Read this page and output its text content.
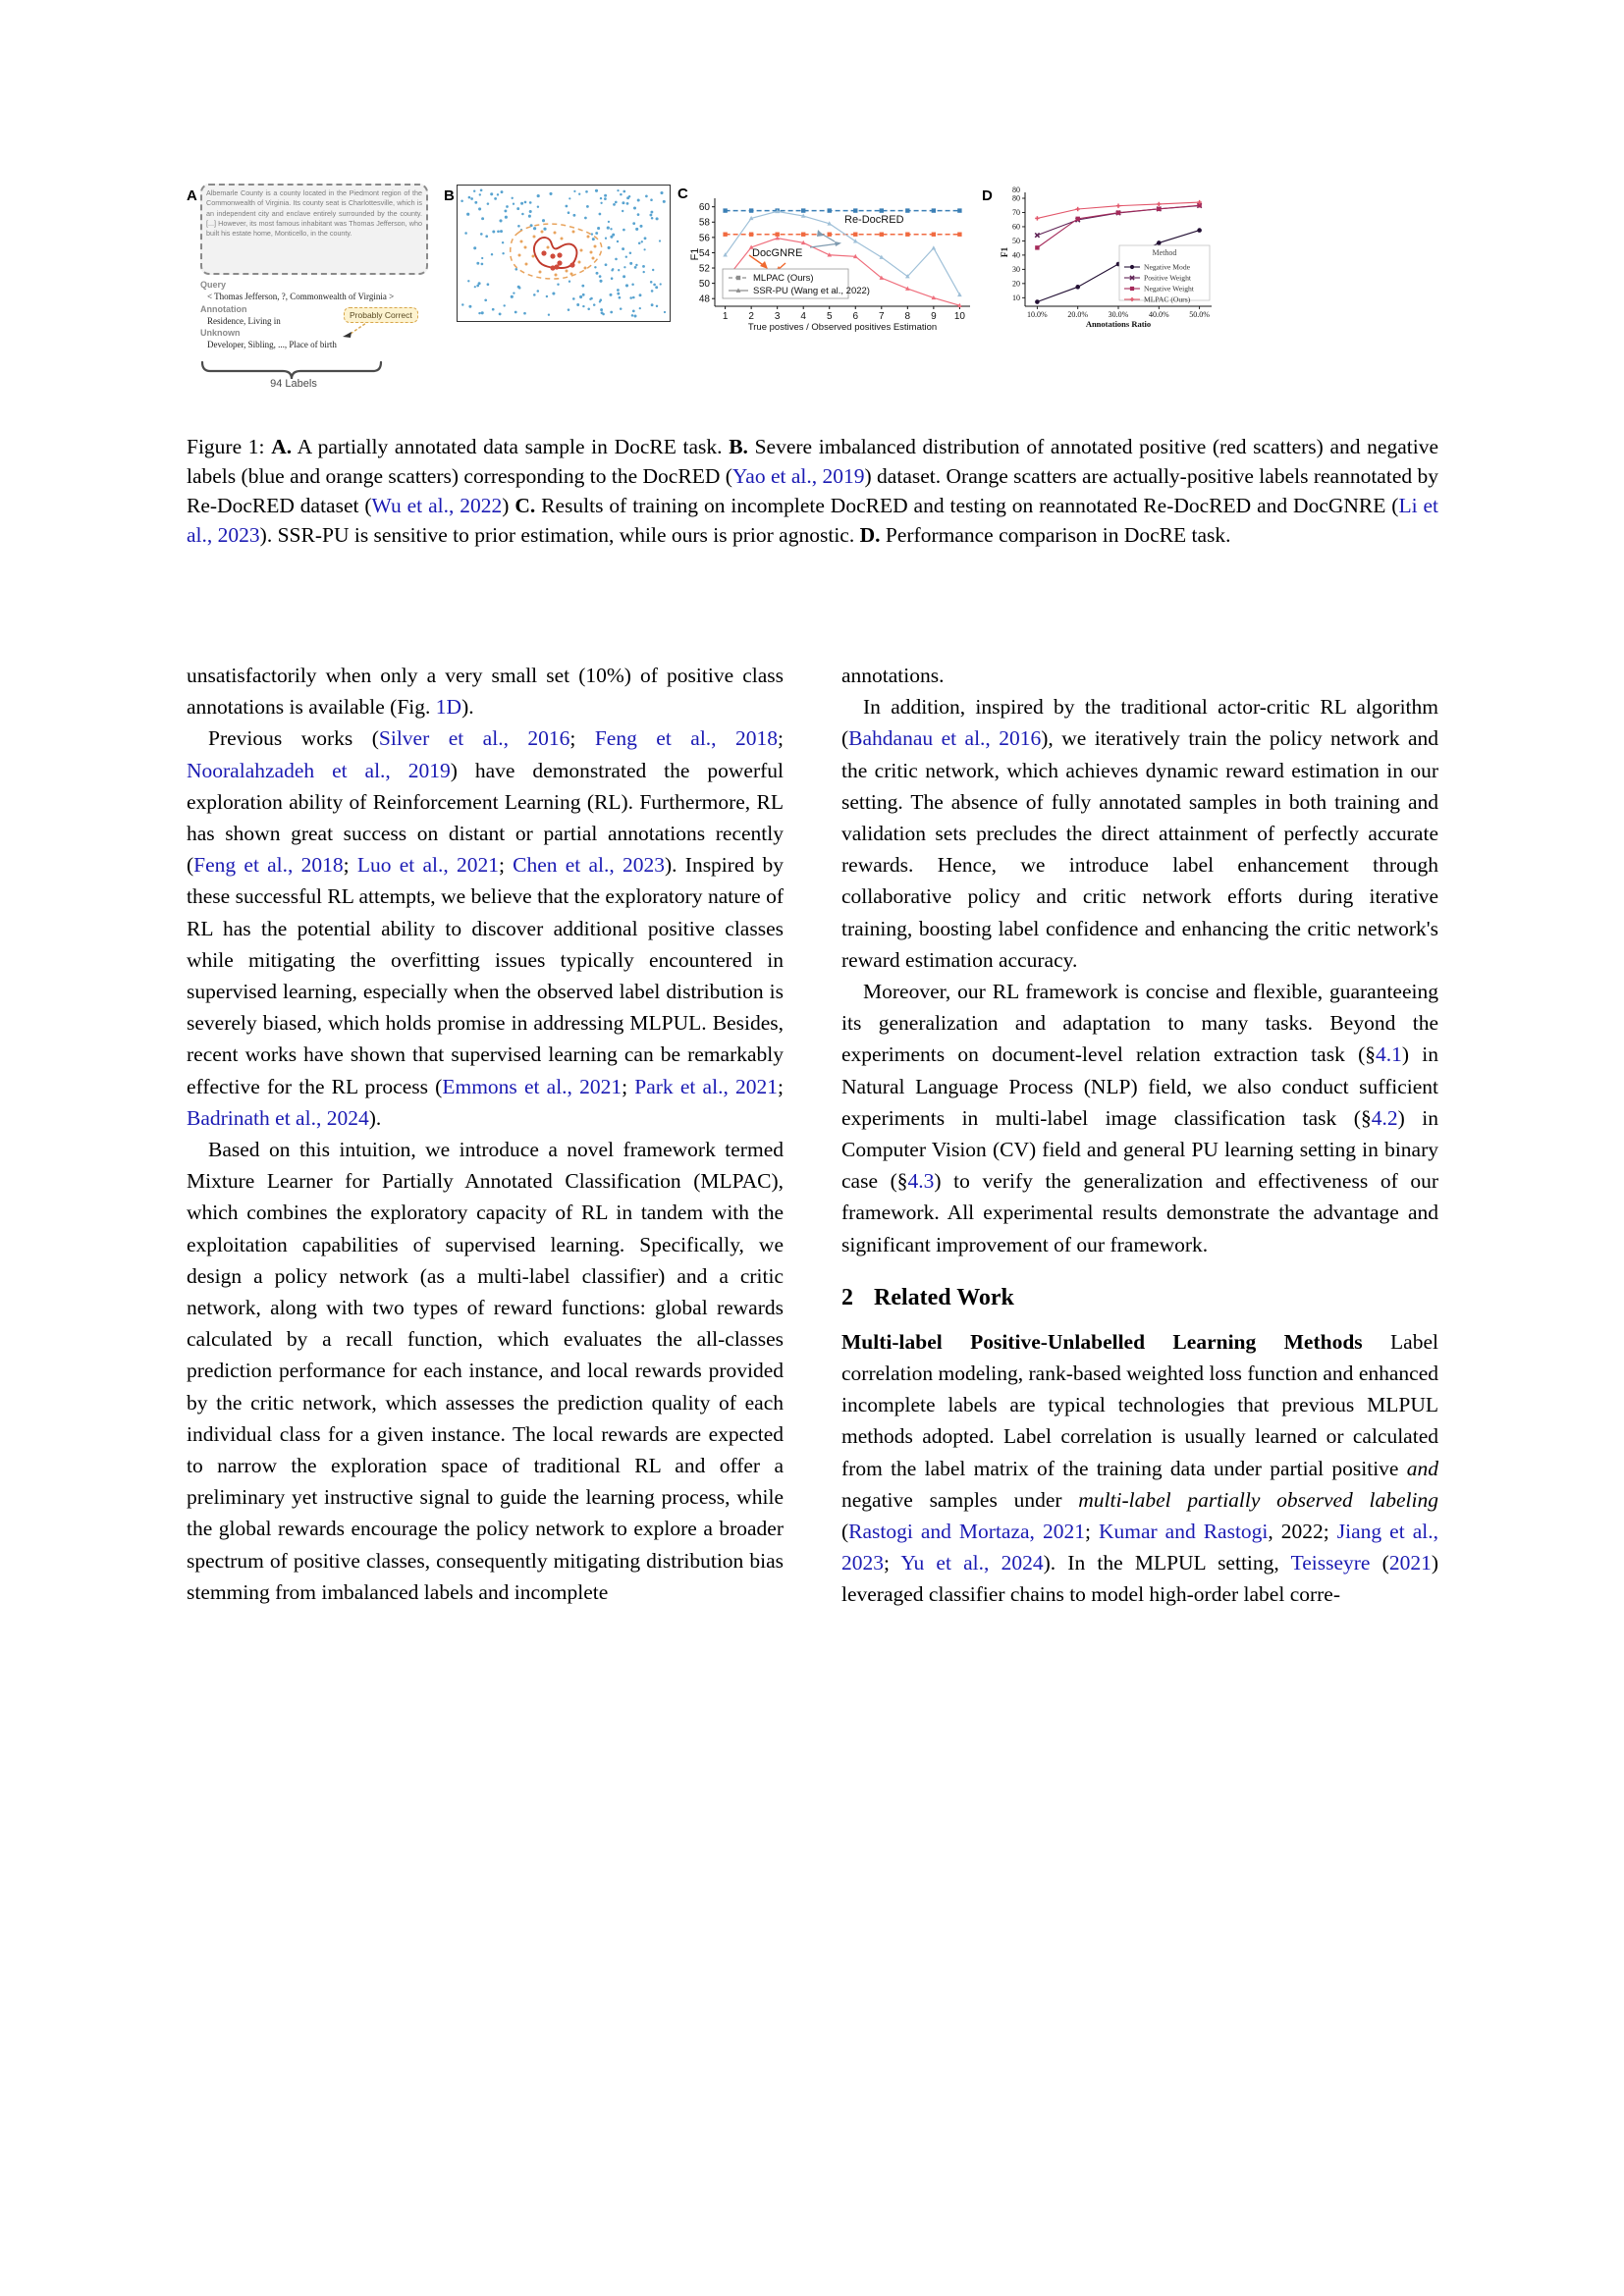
A Albemarle County is a county located in the Piedmont region of the Commonwealth of Virginia. Its county seat is Charlottesville, which is an independent city and enclave entirely surrounded by the county. [...] However, its most famous inhabitant was Thomas Jefferson, who built his estate home, Monticello, in the county.
Query
< Thomas Jefferson, ?, Commonwealth of Virginia >
Annotation
Residence, Living in
Unknown
Developer, Sibling, ..., Place of birth
Probably Correct
94 Labels
B	C
48
50
52
54
56
58
60
1 2 3 4 5 6 7 8 9 10
True postives / Observed positives Estimation
F1
Re-DocRED
DocGNRE
MLPAC (Ours)
SSR-PU (Wang et al., 2022)
D
10
20
30
40
50
60
70
80
80
10.0%	20.0%	30.0%	40.0%	50.0%
Annotations Ratio
F1	Method
Negative Mode
Positive Weight
Negative Weight
MLPAC (Ours)
Figure 1: A. A partially annotated data sample in DocRE task. B. Severe imbalanced distribution of annotated positive (red scatters) and negative labels (blue and orange scatters) corresponding to the DocRED (Yao et al., 2019) dataset. Orange scatters are actually-positive labels reannotated by Re-DocRED dataset (Wu et al., 2022) C. Results of training on incomplete DocRED and testing on reannotated Re-DocRED and DocGNRE (Li et al., 2023). SSR-PU is sensitive to prior estimation, while ours is prior agnostic. D. Performance comparison in DocRE task.

unsatisfactorily when only a very small set (10%) of positive class annotations is available (Fig. 1D).

Previous works (Silver et al., 2016; Feng et al., 2018; Nooralahzadeh et al., 2019) have demonstrated the powerful exploration ability of Reinforcement Learning (RL). Furthermore, RL has shown great success on distant or partial annotations recently (Feng et al., 2018; Luo et al., 2021; Chen et al., 2023). Inspired by these successful RL attempts, we believe that the exploratory nature of RL has the potential ability to discover additional positive classes while mitigating the overfitting issues typically encountered in supervised learning, especially when the observed label distribution is severely biased, which holds promise in addressing MLPUL. Besides, recent works have shown that supervised learning can be remarkably effective for the RL process (Emmons et al., 2021; Park et al., 2021; Badrinath et al., 2024).

Based on this intuition, we introduce a novel framework termed Mixture Learner for Partially Annotated Classification (MLPAC), which combines the exploratory capacity of RL in tandem with the exploitation capabilities of supervised learning. Specifically, we design a policy network (as a multi-label classifier) and a critic network, along with two types of reward functions: global rewards calculated by a recall function, which evaluates the all-classes prediction performance for each instance, and local rewards provided by the critic network, which assesses the prediction quality of each individual class for a given instance. The local rewards are expected to narrow the exploration space of traditional RL and offer a preliminary yet instructive signal to guide the learning process, while the global rewards encourage the policy network to explore a broader spectrum of positive classes, consequently mitigating distribution bias stemming from imbalanced labels and incomplete

annotations.

In addition, inspired by the traditional actor-critic RL algorithm (Bahdanau et al., 2016), we iteratively train the policy network and the critic network, which achieves dynamic reward estimation in our setting. The absence of fully annotated samples in both training and validation sets precludes the direct attainment of perfectly accurate rewards. Hence, we introduce label enhancement through collaborative policy and critic network efforts during iterative training, boosting label confidence and enhancing the critic network's reward estimation accuracy.

Moreover, our RL framework is concise and flexible, guaranteeing its generalization and adaptation to many tasks. Beyond the experiments on document-level relation extraction task (§4.1) in Natural Language Process (NLP) field, we also conduct sufficient experiments in multi-label image classification task (§4.2) in Computer Vision (CV) field and general PU learning setting in binary case (§4.3) to verify the generalization and effectiveness of our framework. All experimental results demonstrate the advantage and significant improvement of our framework.

2 Related Work

Multi-label Positive-Unlabelled Learning Methods Label correlation modeling, rank-based weighted loss function and enhanced incomplete labels are typical technologies that previous MLPUL methods adopted. Label correlation is usually learned or calculated from the label matrix of the training data under partial positive and negative samples under multi-label partially observed labeling (Rastogi and Mortaza, 2021; Kumar and Rastogi, 2022; Jiang et al., 2023; Yu et al., 2024). In the MLPUL setting, Teisseyre (2021) leveraged classifier chains to model high-order label corre-
